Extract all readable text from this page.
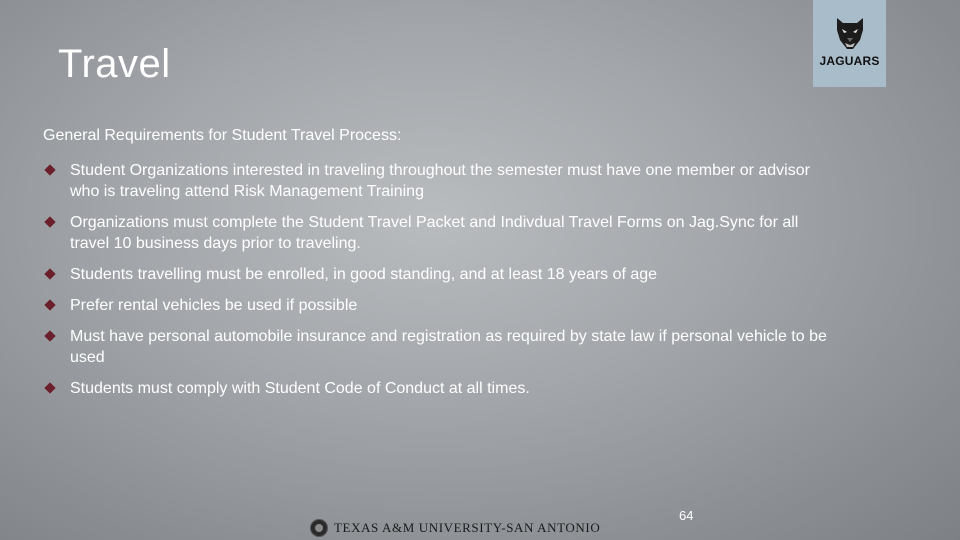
Travel	JAGUARS
General Requirements for Student Travel Process:
Student Organizations interested in traveling throughout the semester must have one member or advisor who is traveling attend Risk Management Training
Organizations must complete the Student Travel Packet and Indivdual Travel Forms on Jag.Sync for all travel 10 business days prior to traveling.
Students travelling must be enrolled, in good standing, and at least 18 years of age
Prefer rental vehicles be used if possible
Must have personal automobile insurance and registration as required by state law if personal vehicle to be used
Students must comply with Student Code of Conduct at all times.
64
TEXAS A&M UNIVERSITY-SAN ANTONIO
